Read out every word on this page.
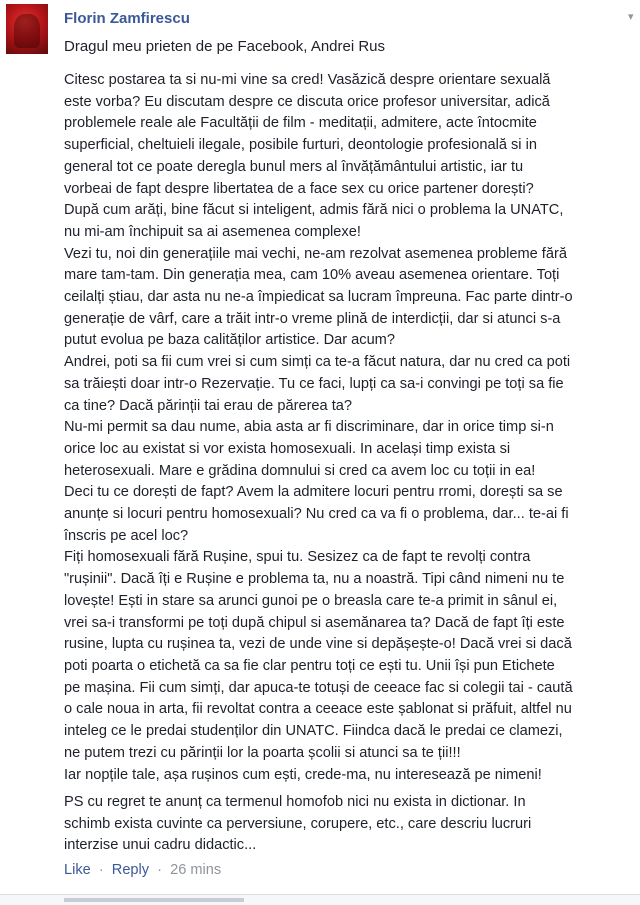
Florin Zamfirescu	▾
Dragul meu prieten de pe Facebook, Andrei Rus
Citesc postarea ta si nu-mi vine sa cred! Vasăzică despre orientare sexuală
este vorba? Eu discutam despre ce discuta orice profesor universitar, adică
problemele reale ale Facultății de film - meditații, admitere, acte întocmite
superficial, cheltuieli ilegale, posibile furturi, deontologie profesională si in
general tot ce poate deregla bunul mers al învățământului artistic, iar tu
vorbeai de fapt despre libertatea de a face sex cu orice partener dorești?
După cum arăți, bine făcut si inteligent, admis fără nici o problema la UNATC,
nu mi-am închipuit sa ai asemenea complexe!
Vezi tu, noi din generațiile mai vechi, ne-am rezolvat asemenea probleme fără
mare tam-tam. Din generația mea, cam 10% aveau asemenea orientare. Toți
ceilalți știau, dar asta nu ne-a împiedicat sa lucram împreuna. Fac parte dintr-o
generație de vârf, care a trăit intr-o vreme plină de interdicții, dar si atunci s-a
putut evolua pe baza calităților artistice. Dar acum?
Andrei, poti sa fii cum vrei si cum simți ca te-a făcut natura, dar nu cred ca poti
sa trăiești doar intr-o Rezervație. Tu ce faci, lupți ca sa-i convingi pe toți sa fie
ca tine? Dacă părinții tai erau de părerea ta?
Nu-mi permit sa dau nume, abia asta ar fi discriminare, dar in orice timp si-n
orice loc au existat si vor exista homosexuali. In același timp exista si
heterosexuali. Mare e grădina domnului si cred ca avem loc cu toții in ea!
Deci tu ce dorești de fapt? Avem la admitere locuri pentru rromi, dorești sa se
anunțe si locuri pentru homosexuali? Nu cred ca va fi o problema, dar... te-ai fi
înscris pe acel loc?
Fiți homosexuali fără Rușine, spui tu. Sesizez ca de fapt te revolți contra
"rușinii". Dacă îți e Rușine e problema ta, nu a noastră. Tipi când nimeni nu te
lovește! Ești in stare sa arunci gunoi pe o breasla care te-a primit in sânul ei,
vrei sa-i transformi pe toți după chipul si asemănarea ta? Dacă de fapt îți este
rusine, lupta cu rușinea ta, vezi de unde vine si depășește-o! Dacă vrei si dacă
poti poarta o etichetă ca sa fie clar pentru toți ce ești tu. Unii își pun Etichete
pe mașina. Fii cum simți, dar apuca-te totuși de ceeace fac si colegii tai - caută
o cale noua in arta, fii revoltat contra a ceeace este șablonat si prăfuit, altfel nu
inteleg ce le predai studenților din UNATC. Fiindca dacă le predai ce clamezi,
ne putem trezi cu părinții lor la poarta școlii si atunci sa te ții!!!
Iar nopțile tale, așa rușinos cum ești, crede-ma, nu interesează pe nimeni!
PS cu regret te anunț ca termenul homofob nici nu exista in dictionar. In
schimb exista cuvinte ca perversiune, corupere, etc., care descriu lucruri
interzise unui cadru didactic...
Like · Reply · 26 mins
